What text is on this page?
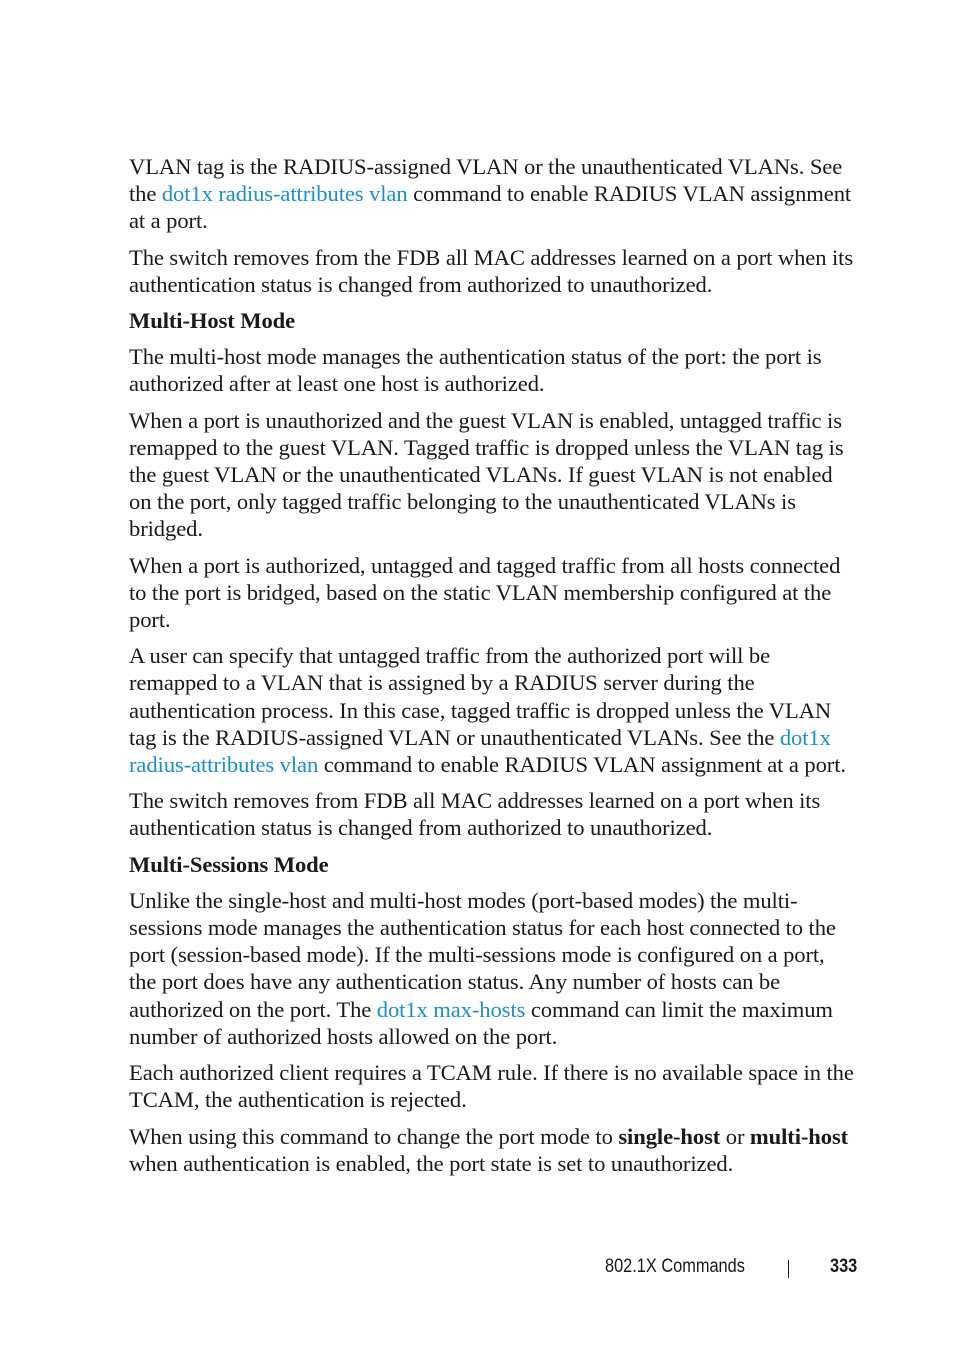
VLAN tag is the RADIUS-assigned VLAN or the unauthenticated VLANs. See the dot1x radius-attributes vlan command to enable RADIUS VLAN assignment at a port.

The switch removes from the FDB all MAC addresses learned on a port when its authentication status is changed from authorized to unauthorized.

Multi-Host Mode

The multi-host mode manages the authentication status of the port: the port is authorized after at least one host is authorized.

When a port is unauthorized and the guest VLAN is enabled, untagged traffic is remapped to the guest VLAN. Tagged traffic is dropped unless the VLAN tag is the guest VLAN or the unauthenticated VLANs. If guest VLAN is not enabled on the port, only tagged traffic belonging to the unauthenticated VLANs is bridged.

When a port is authorized, untagged and tagged traffic from all hosts connected to the port is bridged, based on the static VLAN membership configured at the port.

A user can specify that untagged traffic from the authorized port will be remapped to a VLAN that is assigned by a RADIUS server during the authentication process. In this case, tagged traffic is dropped unless the VLAN tag is the RADIUS-assigned VLAN or unauthenticated VLANs. See the dot1x radius-attributes vlan command to enable RADIUS VLAN assignment at a port.

The switch removes from FDB all MAC addresses learned on a port when its authentication status is changed from authorized to unauthorized.

Multi-Sessions Mode

Unlike the single-host and multi-host modes (port-based modes) the multi-sessions mode manages the authentication status for each host connected to the port (session-based mode). If the multi-sessions mode is configured on a port, the port does have any authentication status. Any number of hosts can be authorized on the port. The dot1x max-hosts command can limit the maximum number of authorized hosts allowed on the port.

Each authorized client requires a TCAM rule. If there is no available space in the TCAM, the authentication is rejected.

When using this command to change the port mode to single-host or multi-host when authentication is enabled, the port state is set to unauthorized.

802.1X Commands	333
